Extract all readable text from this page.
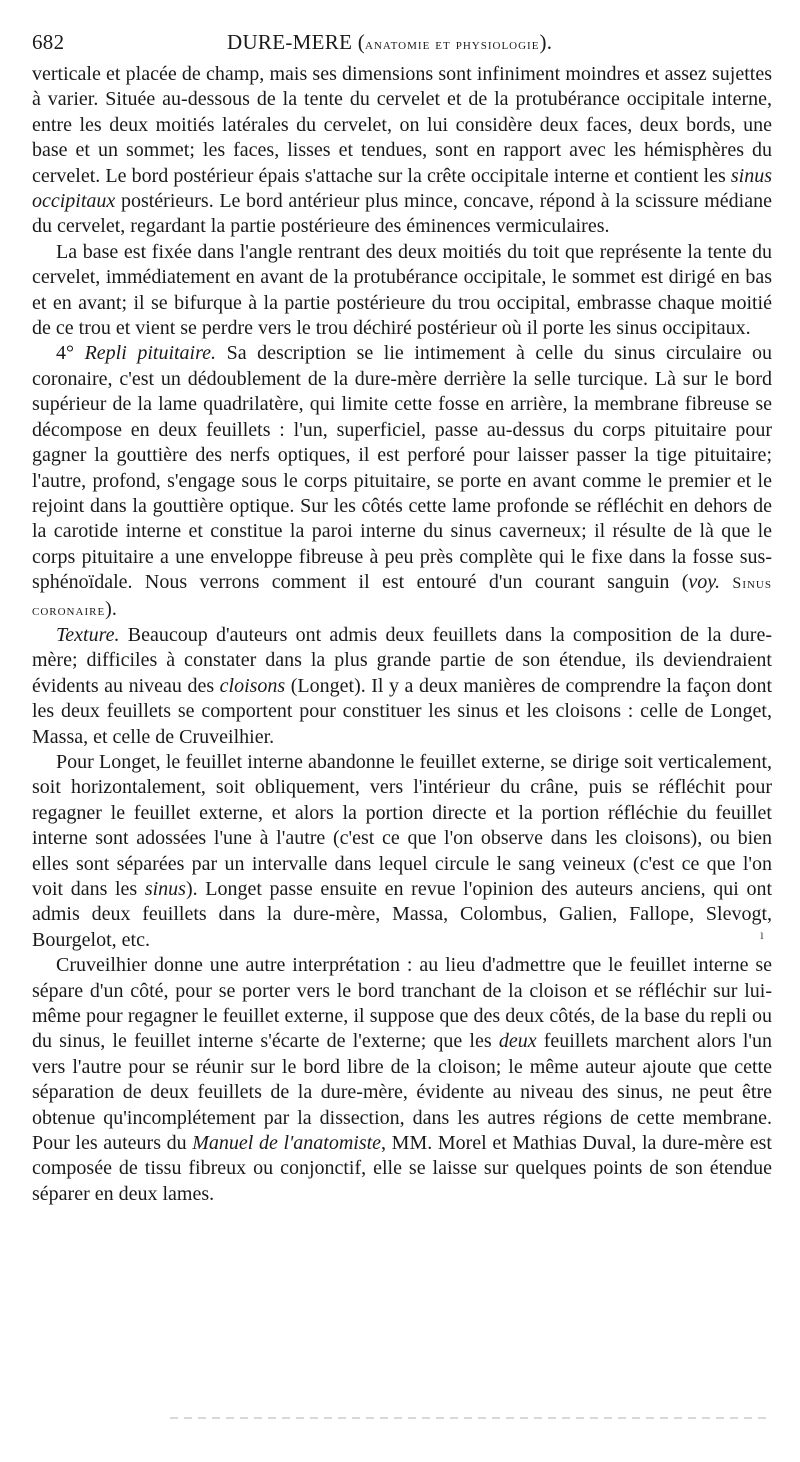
682	DURE-MERE (anatomie et physiologie).

verticale et placée de champ, mais ses dimensions sont infiniment moindres et assez sujettes à varier. Située au-dessous de la tente du cervelet et de la protubérance occipitale interne, entre les deux moitiés latérales du cervelet, on lui considère deux faces, deux bords, une base et un sommet; les faces, lisses et tendues, sont en rapport avec les hémisphères du cervelet. Le bord postérieur épais s'attache sur la crête occipitale interne et contient les sinus occipitaux postérieurs. Le bord antérieur plus mince, concave, répond à la scissure médiane du cervelet, regardant la partie postérieure des éminences vermiculaires.

La base est fixée dans l'angle rentrant des deux moitiés du toit que représente la tente du cervelet, immédiatement en avant de la protubérance occipitale, le sommet est dirigé en bas et en avant; il se bifurque à la partie postérieure du trou occipital, embrasse chaque moitié de ce trou et vient se perdre vers le trou déchiré postérieur où il porte les sinus occipitaux.

4° Repli pituitaire. Sa description se lie intimement à celle du sinus circulaire ou coronaire, c'est un dédoublement de la dure-mère derrière la selle turcique. Là sur le bord supérieur de la lame quadrilatère, qui limite cette fosse en arrière, la membrane fibreuse se décompose en deux feuillets : l'un, superficiel, passe au-dessus du corps pituitaire pour gagner la gouttière des nerfs optiques, il est perforé pour laisser passer la tige pituitaire; l'autre, profond, s'engage sous le corps pituitaire, se porte en avant comme le premier et le rejoint dans la gouttière optique. Sur les côtés cette lame profonde se réfléchit en dehors de la carotide interne et constitue la paroi interne du sinus caverneux; il résulte de là que le corps pituitaire a une enveloppe fibreuse à peu près complète qui le fixe dans la fosse sus-sphénoïdale. Nous verrons comment il est entouré d'un courant sanguin (voy. Sinus coronaire).

Texture. Beaucoup d'auteurs ont admis deux feuillets dans la composition de la dure-mère; difficiles à constater dans la plus grande partie de son étendue, ils deviendraient évidents au niveau des cloisons (Longet). Il y a deux manières de comprendre la façon dont les deux feuillets se comportent pour constituer les sinus et les cloisons : celle de Longet, Massa, et celle de Cruveilhier.

Pour Longet, le feuillet interne abandonne le feuillet externe, se dirige soit verticalement, soit horizontalement, soit obliquement, vers l'intérieur du crâne, puis se réfléchit pour regagner le feuillet externe, et alors la portion directe et la portion réfléchie du feuillet interne sont adossées l'une à l'autre (c'est ce que l'on observe dans les cloisons), ou bien elles sont séparées par un intervalle dans lequel circule le sang veineux (c'est ce que l'on voit dans les sinus). Longet passe ensuite en revue l'opinion des auteurs anciens, qui ont admis deux feuillets dans la dure-mère, Massa, Colombus, Galien, Fallope, Slevogt, Bourgelot, etc.

Cruveilhier donne une autre interprétation : au lieu d'admettre que le feuillet interne se sépare d'un côté, pour se porter vers le bord tranchant de la cloison et se réfléchir sur lui-même pour regagner le feuillet externe, il suppose que des deux côtés, de la base du repli ou du sinus, le feuillet interne s'écarte de l'externe; que les deux feuillets marchent alors l'un vers l'autre pour se réunir sur le bord libre de la cloison; le même auteur ajoute que cette séparation de deux feuillets de la dure-mère, évidente au niveau des sinus, ne peut être obtenue qu'incomplétement par la dissection, dans les autres régions de cette membrane. Pour les auteurs du Manuel de l'anatomiste, MM. Morel et Mathias Duval, la dure-mère est composée de tissu fibreux ou conjonctif, elle se laisse sur quelques points de son étendue séparer en deux lames.

ı
